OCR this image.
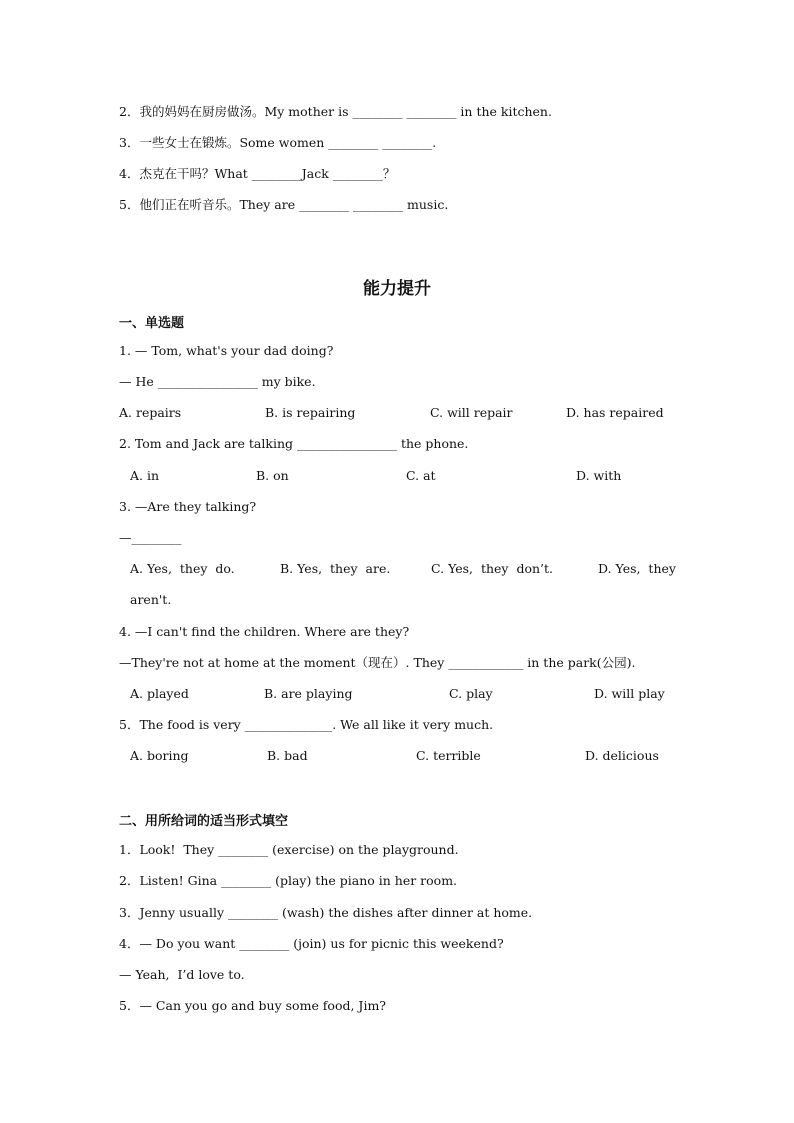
2．我的妈妈在厨房做汤。My mother is ________ ________ in the kitchen.
3．一些女士在锻炼。Some women ________ ________.
4．杰克在干吗？What ________Jack ________？
5．他们正在听音乐。They are ________ ________ music.
能力提升
一、单选题
1. — Tom, what's your dad doing?
— He ________________ my bike.
A. repairs	B. is repairing	C. will repair	D. has repaired
2. Tom and Jack are talking ________________ the phone.
A. in	B. on	C. at	D. with
3. —Are they talking?
—________
A. Yes,  they  do.	B. Yes,  they  are.	C. Yes,  they  don’t.	D. Yes,  they
aren't.
4. —I can't find the children. Where are they?
—They're not at home at the moment（现在）. They ____________ in the park(公园).
A. played	B. are playing	C. play	D. will play
5．The food is very ______________. We all like it very much.
A. boring	B. bad	C. terrible	D. delicious
二、用所给词的适当形式填空
1．Look!  They ________ (exercise) on the playground.
2．Listen! Gina ________ (play) the piano in her room.
3．Jenny usually ________ (wash) the dishes after dinner at home.
4．— Do you want ________ (join) us for picnic this weekend?
— Yeah,  I’d love to.
5．— Can you go and buy some food, Jim?
